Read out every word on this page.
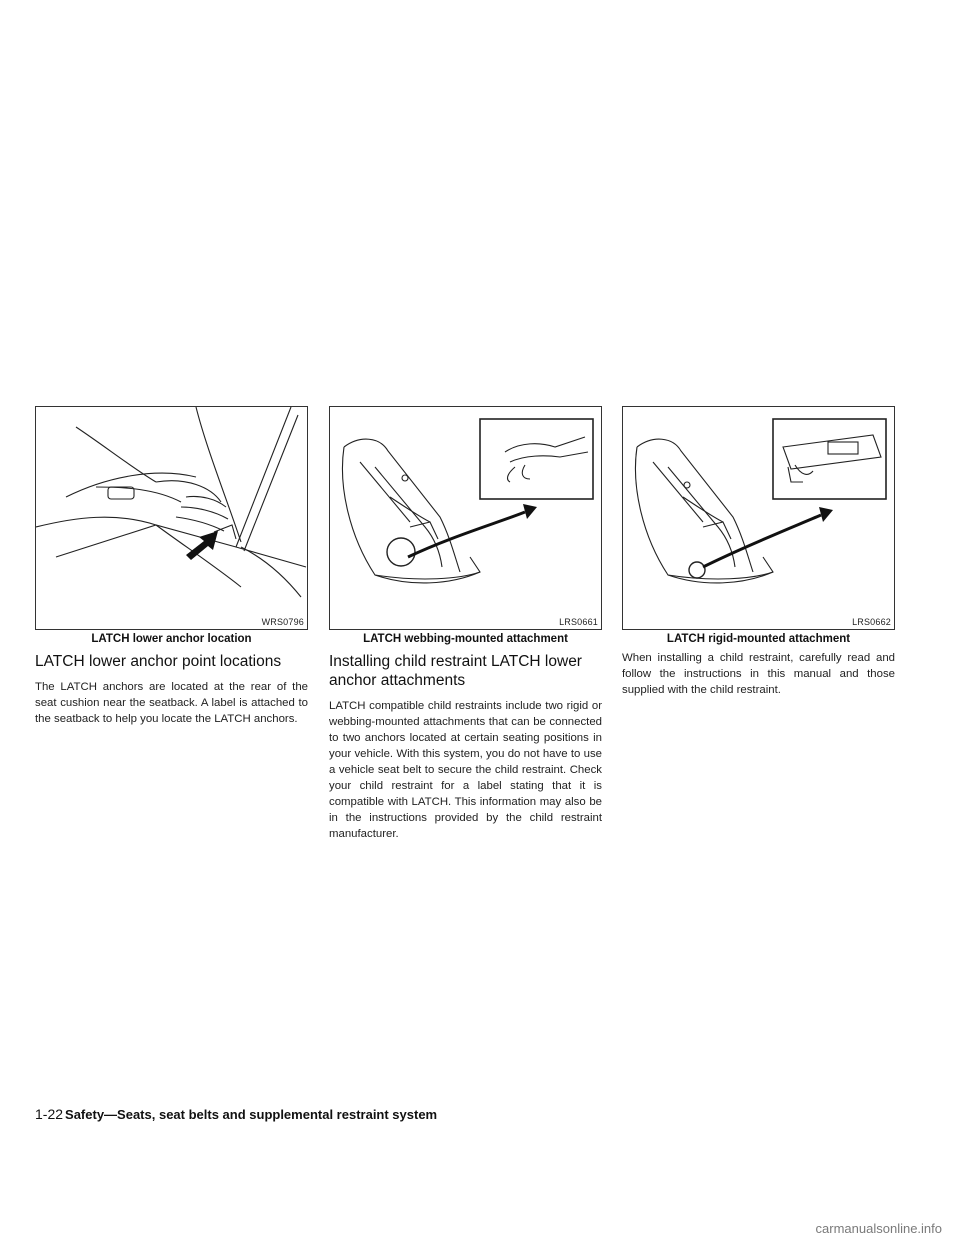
WRS0796
LATCH lower anchor location
LATCH lower anchor point locations

The LATCH anchors are located at the rear of the seat cushion near the seatback. A label is attached to the seatback to help you locate the LATCH anchors.

LRS0661
LATCH webbing-mounted attachment
Installing child restraint LATCH lower anchor attachments

LATCH compatible child restraints include two rigid or webbing-mounted attachments that can be connected to two anchors located at certain seating positions in your vehicle. With this system, you do not have to use a vehicle seat belt to secure the child restraint. Check your child restraint for a label stating that it is compatible with LATCH. This information may also be in the instructions provided by the child restraint manufacturer.

LRS0662
LATCH rigid-mounted attachment

When installing a child restraint, carefully read and follow the instructions in this manual and those supplied with the child restraint.

1-22 Safety—Seats, seat belts and supplemental restraint system
carmanualsonline.info
